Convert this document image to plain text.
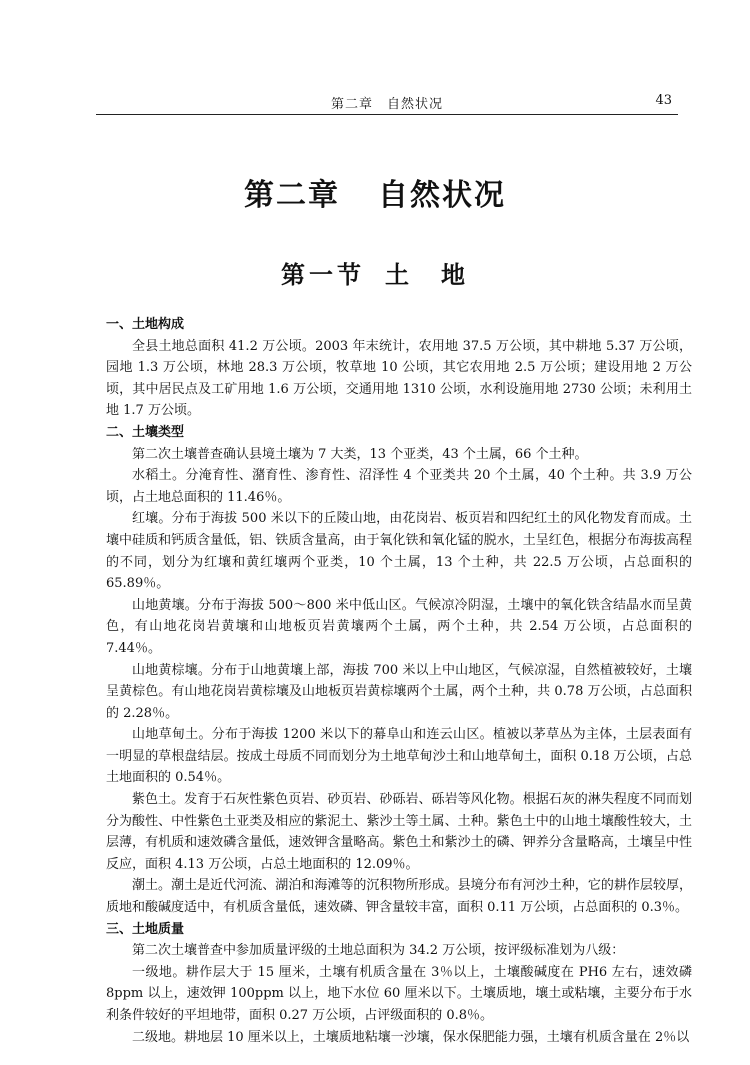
第二章　自然状况	43
第二章 自然状况
第一节 土　地

一、土地构成

全县土地总面积 41.2 万公顷。2003 年末统计，农用地 37.5 万公顷，其中耕地 5.37 万公顷，园地 1.3 万公顷，林地 28.3 万公顷，牧草地 10 公顷，其它农用地 2.5 万公顷；建设用地 2 万公顷，其中居民点及工矿用地 1.6 万公顷，交通用地 1310 公顷，水利设施用地 2730 公顷；未利用土地 1.7 万公顷。

二、土壤类型

第二次土壤普查确认县境土壤为 7 大类，13 个亚类，43 个土属，66 个土种。

水稻土。分淹育性、潴育性、渗育性、沼泽性 4 个亚类共 20 个土属，40 个土种。共 3.9 万公顷，占土地总面积的 11.46％。

红壤。分布于海拔 500 米以下的丘陵山地，由花岗岩、板页岩和四纪红土的风化物发育而成。土壤中硅质和钙质含量低，铝、铁质含量高，由于氧化铁和氧化锰的脱水，土呈红色，根据分布海拔高程的不同，划分为红壤和黄红壤两个亚类，10 个土属，13 个土种，共 22.5 万公顷，占总面积的 65.89％。

山地黄壤。分布于海拔 500～800 米中低山区。气候凉冷阴湿，土壤中的氧化铁含结晶水而呈黄色，有山地花岗岩黄壤和山地板页岩黄壤两个土属，两个土种，共 2.54 万公顷，占总面积的 7.44％。

山地黄棕壤。分布于山地黄壤上部，海拔 700 米以上中山地区，气候凉湿，自然植被较好，土壤呈黄棕色。有山地花岗岩黄棕壤及山地板页岩黄棕壤两个土属，两个土种，共 0.78 万公顷，占总面积的 2.28％。

山地草甸土。分布于海拔 1200 米以下的幕阜山和连云山区。植被以茅草丛为主体，土层表面有一明显的草根盘结层。按成土母质不同而划分为土地草甸沙土和山地草甸土，面积 0.18 万公顷，占总土地面积的 0.54％。

紫色土。发育于石灰性紫色页岩、砂页岩、砂砾岩、砾岩等风化物。根据石灰的淋失程度不同而划分为酸性、中性紫色土亚类及相应的紫泥土、紫沙土等土属、土种。紫色土中的山地土壤酸性较大，土层薄，有机质和速效磷含量低，速效钾含量略高。紫色土和紫沙土的磷、钾养分含量略高，土壤呈中性反应，面积 4.13 万公顷，占总土地面积的 12.09％。

潮土。潮土是近代河流、湖泊和海滩等的沉积物所形成。县境分布有河沙土种，它的耕作层较厚，质地和酸碱度适中，有机质含量低，速效磷、钾含量较丰富，面积 0.11 万公顷，占总面积的 0.3％。

三、土地质量

第二次土壤普查中参加质量评级的土地总面积为 34.2 万公顷，按评级标准划为八级：

一级地。耕作层大于 15 厘米，土壤有机质含量在 3％以上，土壤酸碱度在 PH6 左右，速效磷 8ppm 以上，速效钾 100ppm 以上，地下水位 60 厘米以下。土壤质地，壤土或粘壤，主要分布于水利条件较好的平坦地带，面积 0.27 万公顷，占评级面积的 0.8％。

二级地。耕地层 10 厘米以上，土壤质地粘壤一沙壤，保水保肥能力强，土壤有机质含量在 2％以
